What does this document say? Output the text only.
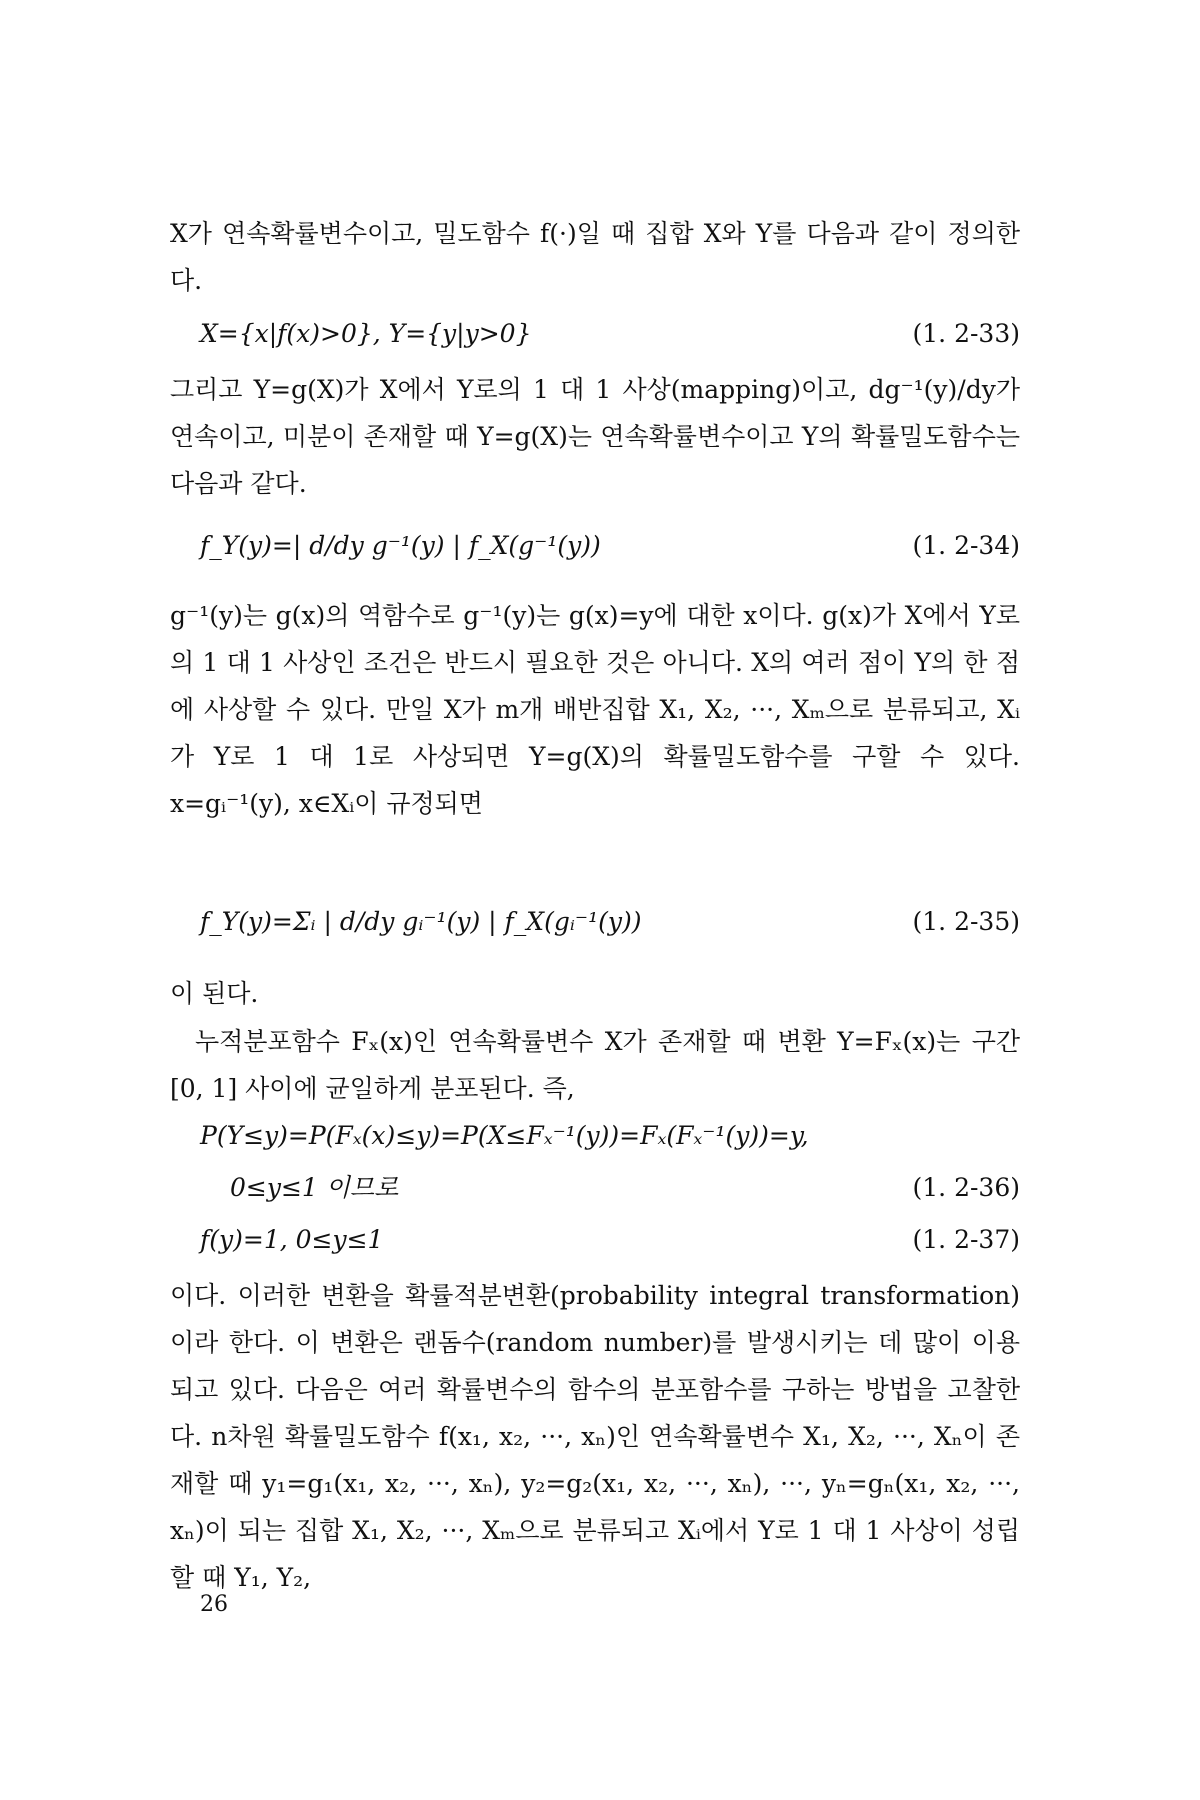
X가 연속확률변수이고, 밀도함수 f(·)일 때 집합 X와 Y를 다음과 같이 정의한다.

X={x|f(x)>0}, Y={y|y>0}	(1. 2-33)

그리고 Y=g(X)가 X에서 Y로의 1 대 1 사상(mapping)이고, dg⁻¹(y)/dy가 연속이고, 미분이 존재할 때 Y=g(X)는 연속확률변수이고 Y의 확률밀도함수는 다음과 같다.

f_Y(y)=| d/dy g⁻¹(y) | f_X(g⁻¹(y))	(1. 2-34)

g⁻¹(y)는 g(x)의 역함수로 g⁻¹(y)는 g(x)=y에 대한 x이다. g(x)가 X에서 Y로의 1 대 1 사상인 조건은 반드시 필요한 것은 아니다. X의 여러 점이 Y의 한 점에 사상할 수 있다. 만일 X가 m개 배반집합 X₁, X₂, ···, Xₘ으로 분류되고, Xᵢ가 Y로 1 대 1로 사상되면 Y=g(X)의 확률밀도함수를 구할 수 있다. x=gᵢ⁻¹(y), x∈Xᵢ이 규정되면

f_Y(y)=Σᵢ | d/dy gᵢ⁻¹(y) | f_X(gᵢ⁻¹(y))	(1. 2-35)

이 된다.

누적분포함수 Fₓ(x)인 연속확률변수 X가 존재할 때 변환 Y=Fₓ(x)는 구간[0, 1] 사이에 균일하게 분포된다. 즉,

P(Y≤y)=P(Fₓ(x)≤y)=P(X≤Fₓ⁻¹(y))=Fₓ(Fₓ⁻¹(y))=y,
0≤y≤1 이므로	(1. 2-36)
f(y)=1, 0≤y≤1	(1. 2-37)

이다. 이러한 변환을 확률적분변환(probability integral transformation)이라 한다. 이 변환은 랜돔수(random number)를 발생시키는 데 많이 이용되고 있다. 다음은 여러 확률변수의 함수의 분포함수를 구하는 방법을 고찰한다. n차원 확률밀도함수 f(x₁, x₂, ···, xₙ)인 연속확률변수 X₁, X₂, ···, Xₙ이 존재할 때 y₁=g₁(x₁, x₂, ···, xₙ), y₂=g₂(x₁, x₂, ···, xₙ), ···, yₙ=gₙ(x₁, x₂, ···, xₙ)이 되는 집합 X₁, X₂, ···, Xₘ으로 분류되고 Xᵢ에서 Y로 1 대 1 사상이 성립할 때 Y₁, Y₂,

26
